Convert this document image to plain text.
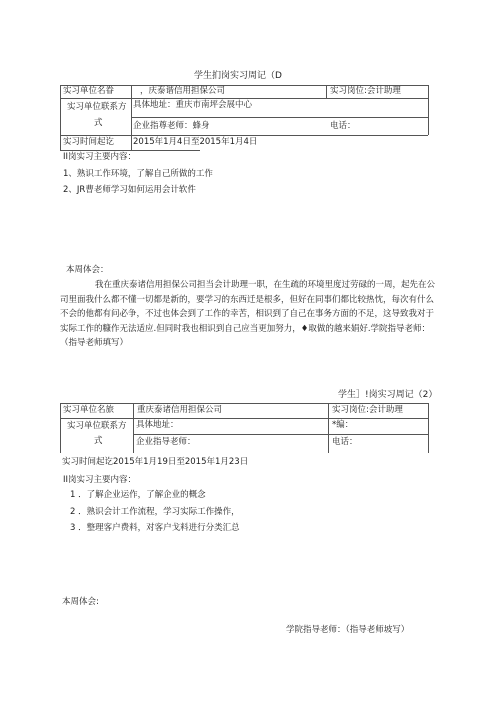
学生扪岗实习周记（D
实习单位名眷	，庆泰谐信用担保公司	实习岗位:会计助理
实习单位联系方
式
具体地址：重庆市南坪会展中心
企业指尊老师：蜂身	电话：
实习时间起讫 2015年1月4日至2015年1月4日
II岗实习主要内容：
1、熟识工作环境，了解自己所做的工作
2、JR曹老师学习如何运用会计软件
本周体会：
我在重庆泰诸信用担保公司担当会计助理一职，在生疏的环境里度过劳碌的一周，起先在公司里面我什么都不懂一切都是新的，要学习的东西迁是根多，但好在同事们都比较热忱，每次有什么不会的他都有问必争，不过也体会到了工作的幸苦，相识到了自己在事务方面的不足，这导致我对于实际工作的糠作无法适应.但同时我也相识到自己应当更加努力，♦取做的越来娟好.学院指导老师：（指导老师填写）
学生］!岗实习周记（2）
实习单位名旅	重庆泰诸信用担保公司	实习岗位:会计助理
实习单位联系方
式
具体地址：	*编：
企业指导老师：	电话：
实习时间起讫2015年1月19日至2015年1月23日
II岗实习主要内容：
1 ．了解企业运作，了解企业的概念
2 ．熟识会计工作流程，学习实际工作操作，
3 ．整理客户费料，对客户戈料进行分类汇总
本周体会:
学院指导老师：（指导老师坡写）
